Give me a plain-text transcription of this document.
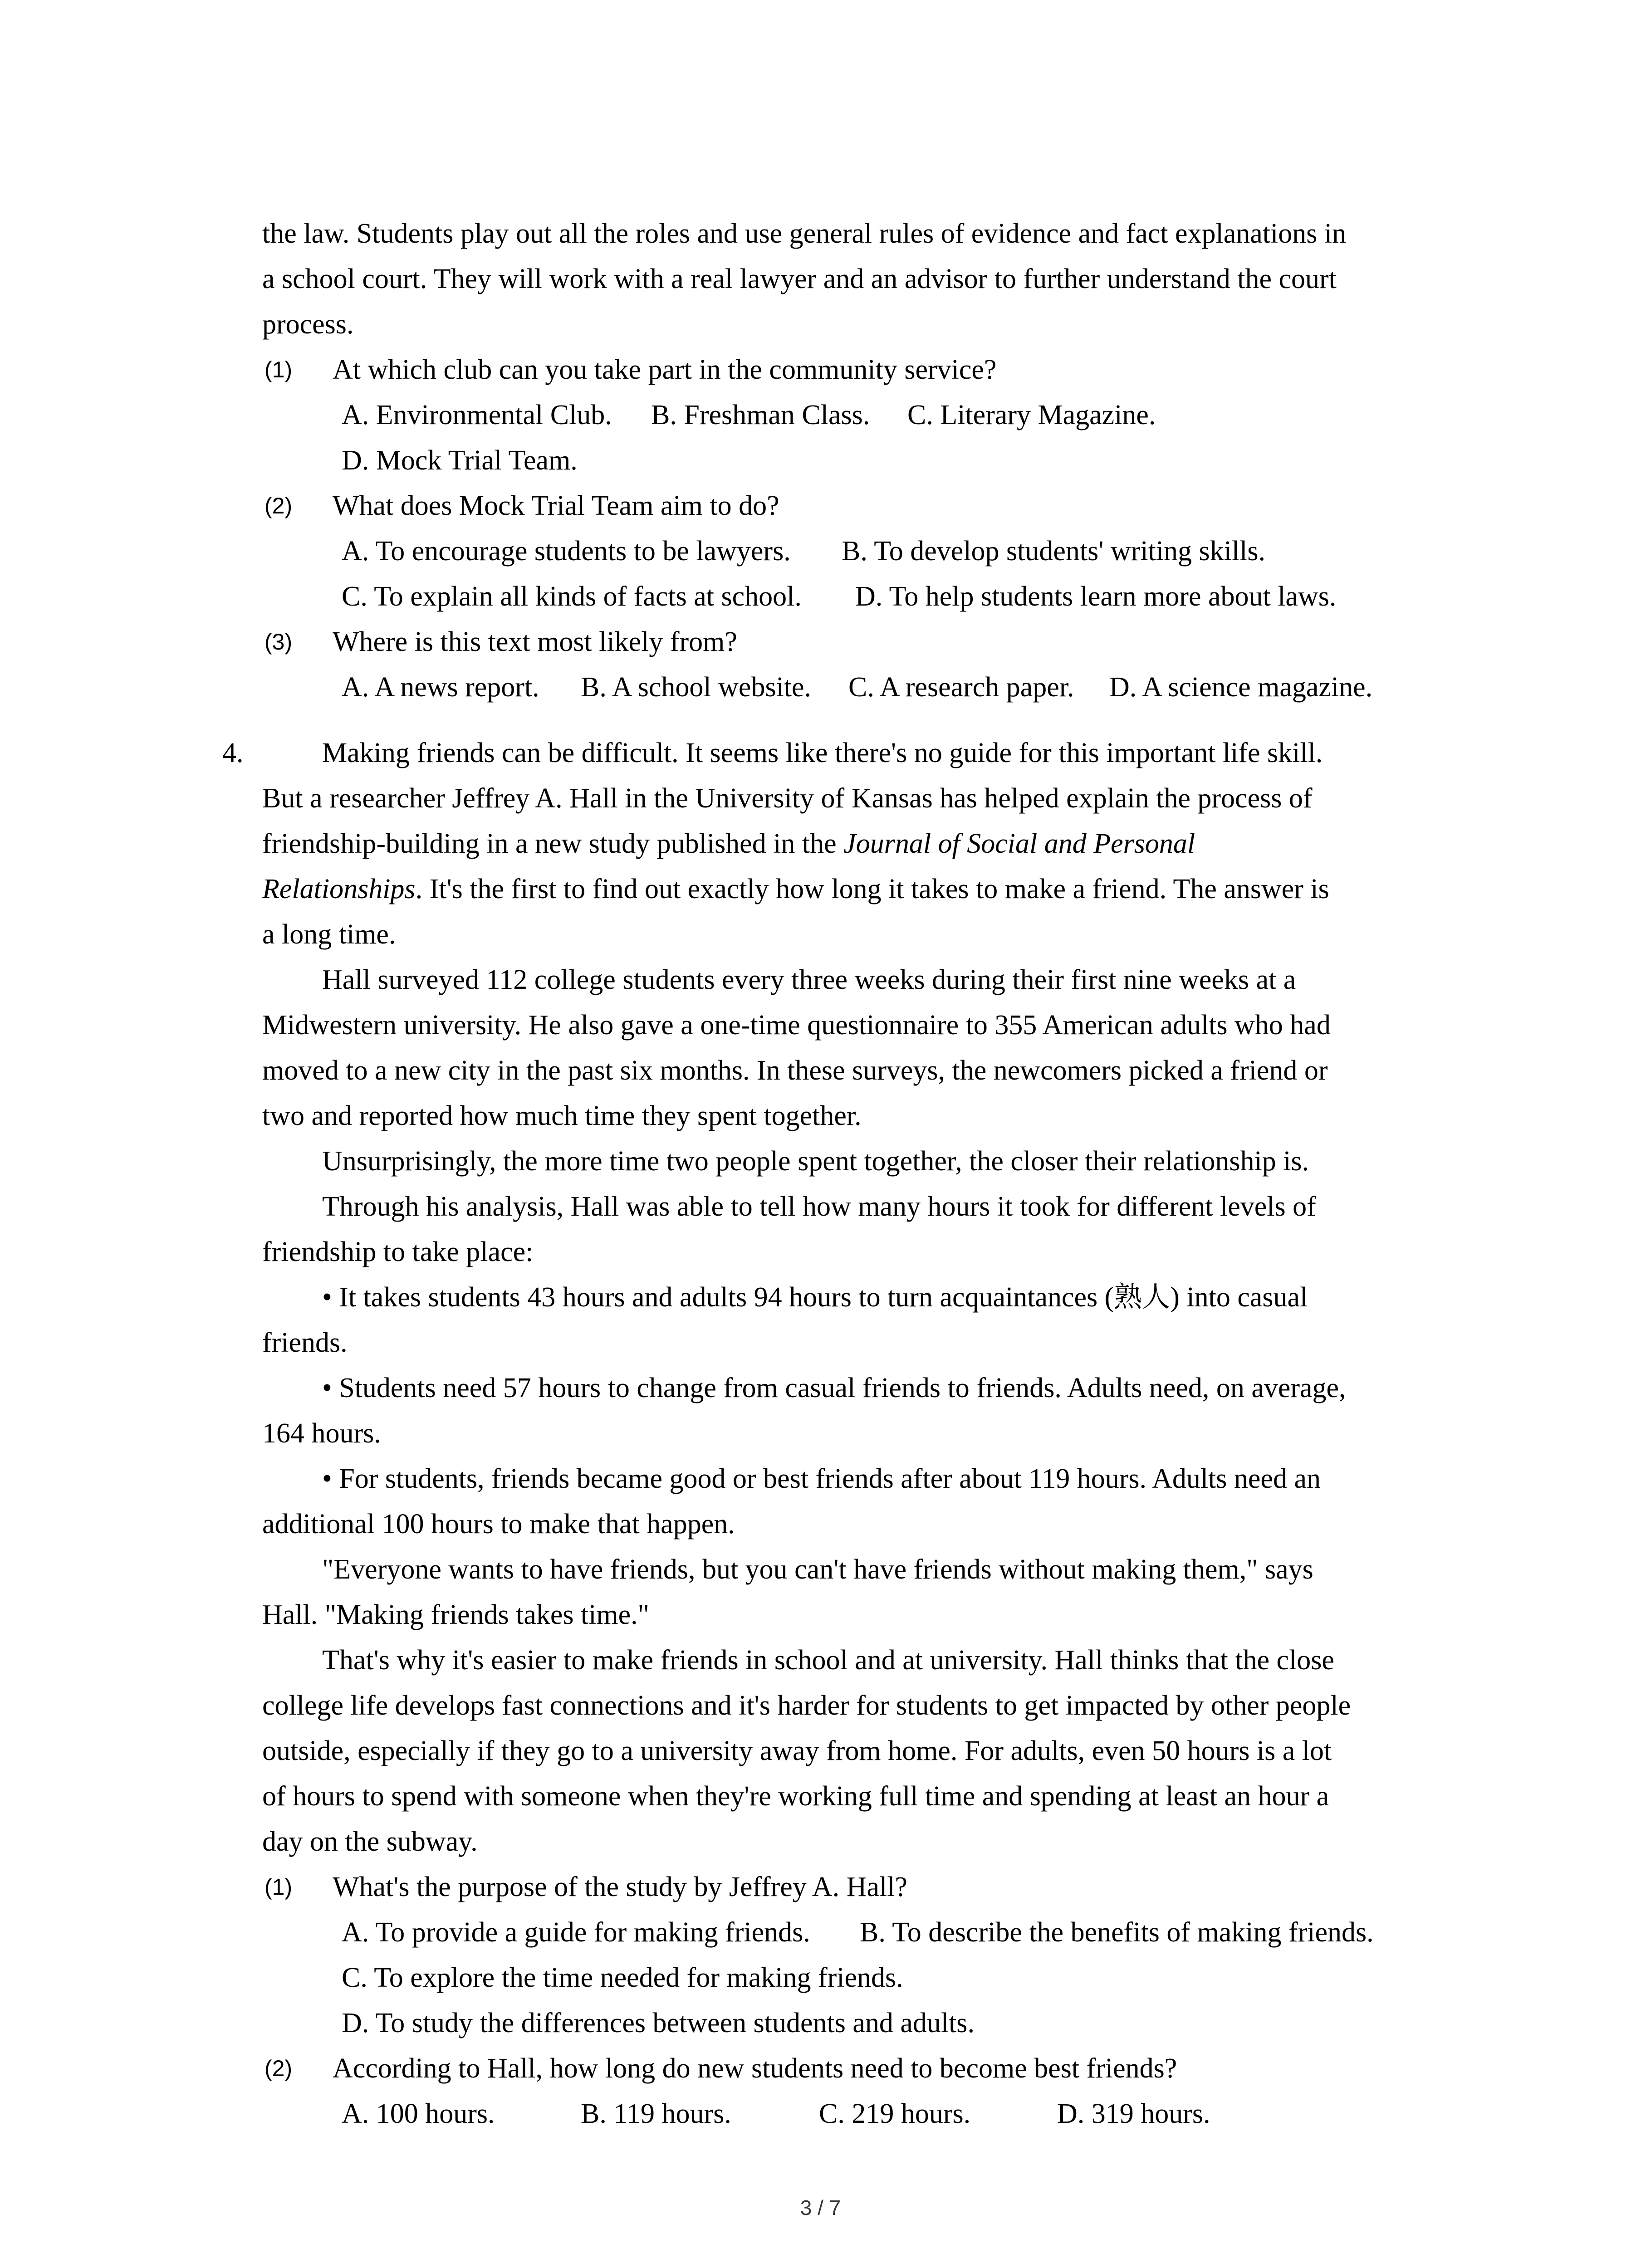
the law. Students play out all the roles and use general rules of evidence and fact explanations in
a school court. They will work with a real lawyer and an advisor to further understand the court
process.
(1) At which club can you take part in the community service?
A. Environmental Club. B. Freshman Class. C. Literary Magazine.
D. Mock Trial Team.
(2) What does Mock Trial Team aim to do?
A. To encourage students to be lawyers. B. To develop students' writing skills.
C. To explain all kinds of facts at school. D. To help students learn more about laws.
(3) Where is this text most likely from?
A. A news report. B. A school website. C. A research paper. D. A science magazine.
4.	Making friends can be difficult. It seems like there's no guide for this important life skill.
But a researcher Jeffrey A. Hall in the University of Kansas has helped explain the process of
friendship-building in a new study published in the Journal of Social and Personal
Relationships. It's the first to find out exactly how long it takes to make a friend. The answer is
a long time.
Hall surveyed 112 college students every three weeks during their first nine weeks at a
Midwestern university. He also gave a one-time questionnaire to 355 American adults who had
moved to a new city in the past six months. In these surveys, the newcomers picked a friend or
two and reported how much time they spent together.
Unsurprisingly, the more time two people spent together, the closer their relationship is.
Through his analysis, Hall was able to tell how many hours it took for different levels of
friendship to take place:
• It takes students 43 hours and adults 94 hours to turn acquaintances (熟人) into casual
friends.
• Students need 57 hours to change from casual friends to friends. Adults need, on average,
164 hours.
• For students, friends became good or best friends after about 119 hours. Adults need an
additional 100 hours to make that happen.
"Everyone wants to have friends, but you can't have friends without making them," says
Hall. "Making friends takes time."
That's why it's easier to make friends in school and at university. Hall thinks that the close
college life develops fast connections and it's harder for students to get impacted by other people
outside, especially if they go to a university away from home. For adults, even 50 hours is a lot
of hours to spend with someone when they're working full time and spending at least an hour a
day on the subway.
(1) What's the purpose of the study by Jeffrey A. Hall?
A. To provide a guide for making friends. B. To describe the benefits of making friends.
C. To explore the time needed for making friends.
D. To study the differences between students and adults.
(2) According to Hall, how long do new students need to become best friends?
A. 100 hours.	B. 119 hours.	C. 219 hours.	D. 319 hours.
3 / 7
